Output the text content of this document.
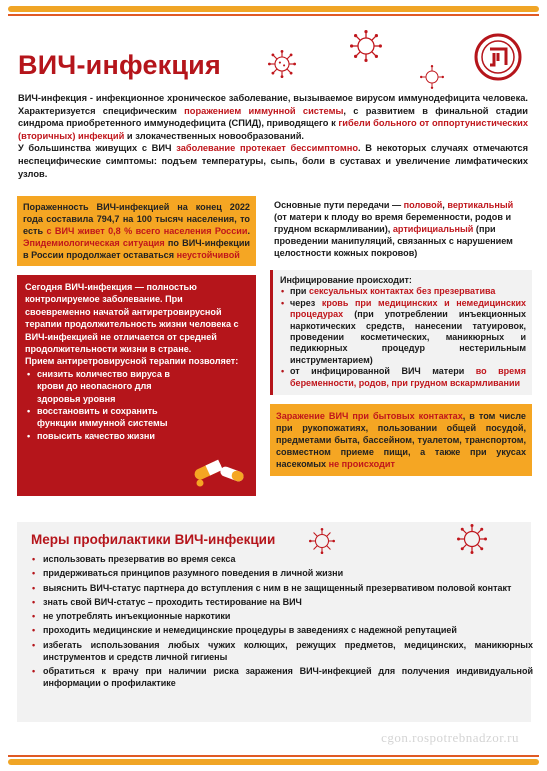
ВИЧ-инфекция

ВИЧ-инфекция - инфекционное хроническое заболевание, вызываемое вирусом иммунодефицита человека. Характеризуется специфическим поражением иммунной системы, с развитием в финальной стадии синдрома приобретенного иммунодефицита (СПИД), приводящего к гибели больного от оппортунистических (вторичных) инфекций и злокачественных новообразований.

У большинства живущих с ВИЧ заболевание протекает бессимптомно. В некоторых случаях отмечаются неспецифические симптомы: подъем температуры, сыпь, боли в суставах и увеличение лимфатических узлов.

Пораженность ВИЧ-инфекцией на конец 2022 года составила 794,7 на 100 тысяч населения, то есть с ВИЧ живет 0,8 % всего населения России. Эпидемиологическая ситуация по ВИЧ-инфекции в России продолжает оставаться неустойчивой

Сегодня ВИЧ-инфекция — полностью контролируемое заболевание. При своевременно начатой антиретровирусной терапии продолжительность жизни человека с ВИЧ-инфекцией не отличается от средней продолжительности жизни в стране.

Прием антиретровирусной терапии позволяет:

• снизить количество вируса в крови до неопасного для здоровья уровня
• восстановить и сохранить функции иммунной системы
• повысить качество жизни
Основные пути передачи — половой, вертикальный (от матери к плоду во время беременности, родов и грудном вскармливании), артифициальный (при проведении манипуляций, связанных с нарушением целостности кожных покровов)
Инфицирование происходит:
• при сексуальных контактах без презерватива
• через кровь при медицинских и немедицинских процедурах (при употреблении инъекционных наркотических средств, нанесении татуировок, проведении косметических, маникюрных и педикюрных процедур нестерильным инструментарием)
• от инфицированной ВИЧ матери во время беременности, родов, при грудном вскармливании
Заражение ВИЧ при бытовых контактах, в том числе при рукопожатиях, пользовании общей посудой, предметами быта, бассейном, туалетом, транспортом, совместном приеме пищи, а также при укусах насекомых не происходит
Меры профилактики ВИЧ-инфекции
• использовать презерватив во время секса
• придерживаться принципов разумного поведения в личной жизни
• выяснить ВИЧ-статус партнера до вступления с ним в не защищенный презервативом половой контакт
• знать свой ВИЧ-статус – проходить тестирование на ВИЧ
• не употреблять инъекционные наркотики
• проходить медицинские и немедицинские процедуры в заведениях с надежной репутацией
• избегать использования любых чужих колющих, режущих предметов, медицинских, маникюрных инструментов и средств личной гигиены
• обратиться к врачу при наличии риска заражения ВИЧ-инфекцией для получения индивидуальной информации о профилактике
cgon.rospotrebnadzor.ru
